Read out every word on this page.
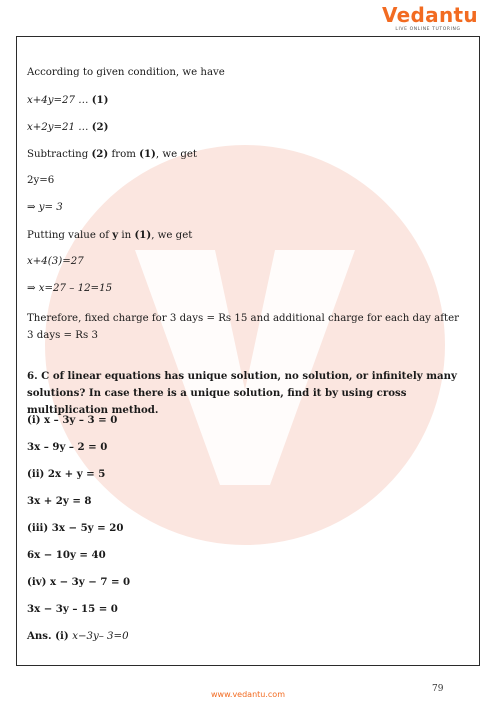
Vedantu
LIVE ONLINE TUTORING
According to given condition, we have
x+4y=27 … (1)
x+2y=21 … (2)
Subtracting (2) from (1), we get
2y=6
⇒ y= 3
Putting value of y in (1), we get
x+4(3)=27
⇒ x=27 – 12=15
Therefore, fixed charge for 3 days = Rs 15 and additional charge for each day after 3 days = Rs 3
6. C of linear equations has unique solution, no solution, or infinitely many solutions? In case there is a unique solution, find it by using cross multiplication method.
(i) x – 3y – 3 = 0
3x – 9y – 2 = 0
(ii) 2x + y = 5
3x + 2y = 8
(iii) 3x − 5y = 20
6x − 10y = 40
(iv) x − 3y − 7 = 0
3x − 3y – 15 = 0
Ans. (i) x−3y– 3=0
79
www.vedantu.com
